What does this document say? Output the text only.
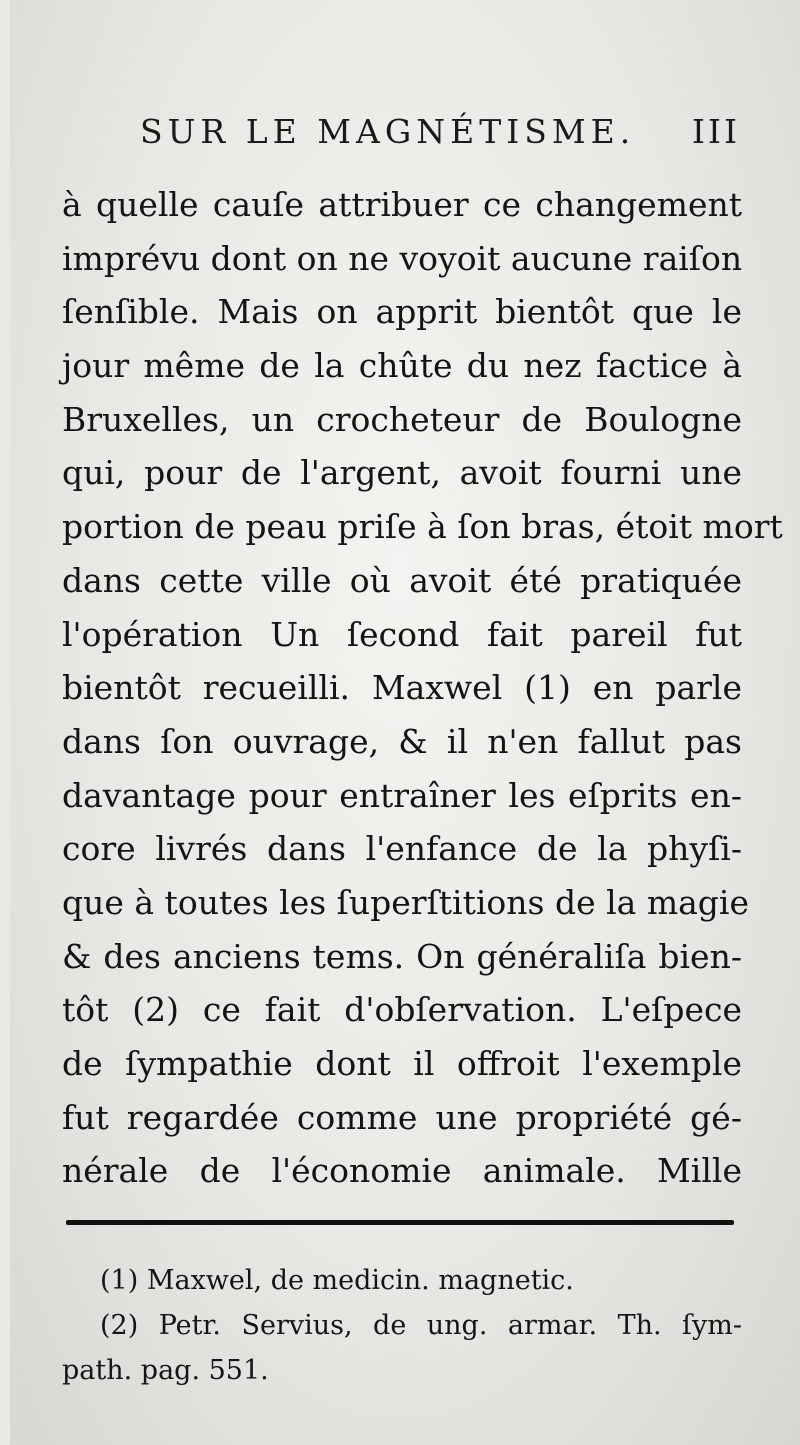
SUR LE MAGNÉTISME. III
à quelle cauſe attribuer ce changement
imprévu dont on ne voyoit aucune raiſon
ſenſible. Mais on apprit bientôt que le
jour même de la chûte du nez factice à
Bruxelles, un crocheteur de Boulogne
qui, pour de l'argent, avoit fourni une
portion de peau priſe à ſon bras, étoit mort
dans cette ville où avoit été pratiquée
l'opération Un ſecond fait pareil fut
bientôt recueilli. Maxwel (1) en parle
dans ſon ouvrage, & il n'en fallut pas
davantage pour entraîner les eſprits en-
core livrés dans l'enfance de la phyſi-
que à toutes les ſuperſtitions de la magie
& des anciens tems. On généraliſa bien-
tôt (2) ce fait d'obſervation. L'eſpece
de ſympathie dont il offroit l'exemple
fut regardée comme une propriété gé-
nérale de l'économie animale. Mille
(1) Maxwel, de medicin. magnetic.
(2) Petr. Servius, de ung. armar. Th. ſym-
path. pag. 551.
